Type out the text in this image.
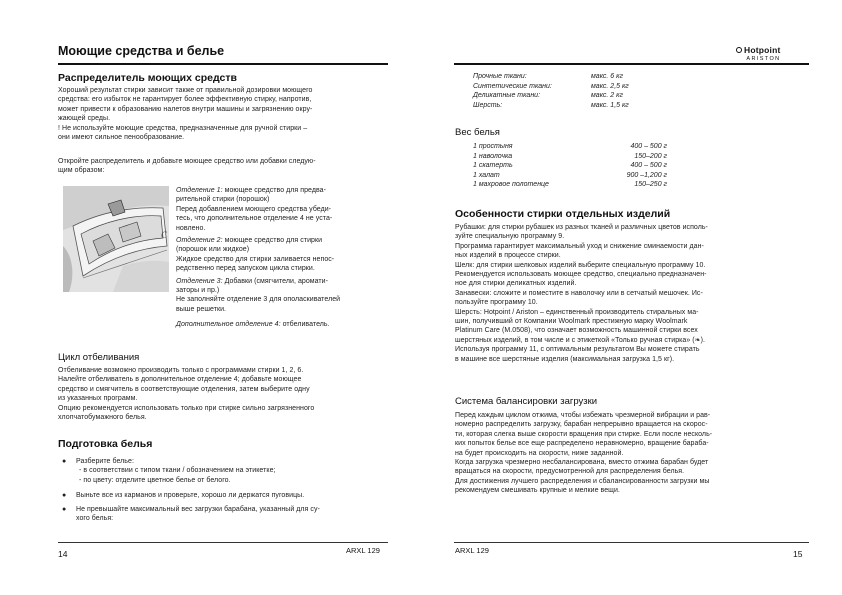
Моющие средства и белье
Распределитель моющих средств
Хороший результат стирки зависит также от правильной дозировки моющего
средства: его избыток не гарантирует более эффективную стирку, напротив,
может привести к образованию налетов внутри машины и загрязнению окру-
жающей среды.
! Не используйте моющие средства, предназначенные для ручной стирки –
они имеют сильное пенообразование.
Откройте распределитель и добавьте моющее средство или добавки следую-
щим образом:
C
Отделение 1: моющее средство для предва-
рительной стирки (порошок)
Перед добавлением моющего средства убеди-
тесь, что дополнительное отделение 4 не уста-
новлено.
Отделение 2: моющее средство для стирки
(порошок или жидкое)
Жидкое средство для стирки заливается непос-
редственно перед запуском цикла стирки.
Отделение 3: Добавки (смягчители, аромати-
заторы и пр.)
Не заполняйте отделение 3 для ополаскивателей
выше решетки.
Дополнительное отделение 4: отбеливатель.
Цикл отбеливания
Отбеливание возможно производить только с программами стирки 1, 2, 6.
Налейте отбеливатель в дополнительное отделение 4; добавьте моющее
средство и смягчитель в соответствующие отделения, затем выберите одну
из указанных программ.
Опцию рекомендуется использовать только при стирке сильно загрязненного
хлопчатобумажного белья.
Подготовка белья
● Разберите белье:
- в соответствии с типом ткани / обозначением на этикетке;
- по цвету: отделите цветное белье от белого.
● Выньте все из карманов и проверьте, хорошо ли держатся пуговицы.
● Не превышайте максимальный вес загрузки барабана, указанный для су-
хого белья:
14	ARXL 129
Hotpoint
ARISTON
Прочные ткани:	макс. 6 кг
Синтетические ткани:	макс. 2,5 кг
Деликатные ткани:	макс. 2 кг
Шерсть:	макс. 1,5 кг
Вес белья
1 простыня	400 – 500 г
1 наволочка	150–200 г
1 скатерть	400 – 500 г
1 халат	900 –1,200 г
1 махровое полотенце	150–250 г
Особенности стирки отдельных изделий
Рубашки: для стирки рубашек из разных тканей и различных цветов исполь-
зуйте специальную программу 9.
Программа гарантирует максимальный уход и снижение сминаемости дан-
ных изделий в процессе стирки.
Шелк: для стирки шелковых изделий выберите специальную программу 10.
Рекомендуется использовать моющее средство, специально предназначен-
ное для стирки деликатных изделий.
Занавески: сложите и поместите в наволочку или в сетчатый мешочек. Ис-
пользуйте программу 10.
Шерсть: Hotpoint / Ariston – единственный производитель стиральных ма-
шин, получивший от Компании Woolmark престижную марку Woolmark
Platinum Care (M.0508), что означает возможность машинной стирки всех
шерстяных изделий, в том числе и с этикеткой «Только ручная стирка» (❧).
Используя программу 11, с оптимальным результатом Вы можете стирать
в машине все шерстяные изделия (максимальная загрузка 1,5 кг).
Система балансировки загрузки
Перед каждым циклом отжима, чтобы избежать чрезмерной вибрации и рав-
номерно распределить загрузку, барабан непрерывно вращается на скорос-
ти, которая слегка выше скорости вращения при стирке. Если после несколь-
ких попыток белье все еще распределено неравномерно, вращение бараба-
на будет происходить на скорости, ниже заданной.
Когда загрузка чрезмерно несбалансирована, вместо отжима барабан будет
вращаться на скорости, предусмотренной для распределения белья.
Для достижения лучшего распределения и сбалансированности загрузки мы
рекомендуем смешивать крупные и мелкие вещи.
ARXL 129	15
